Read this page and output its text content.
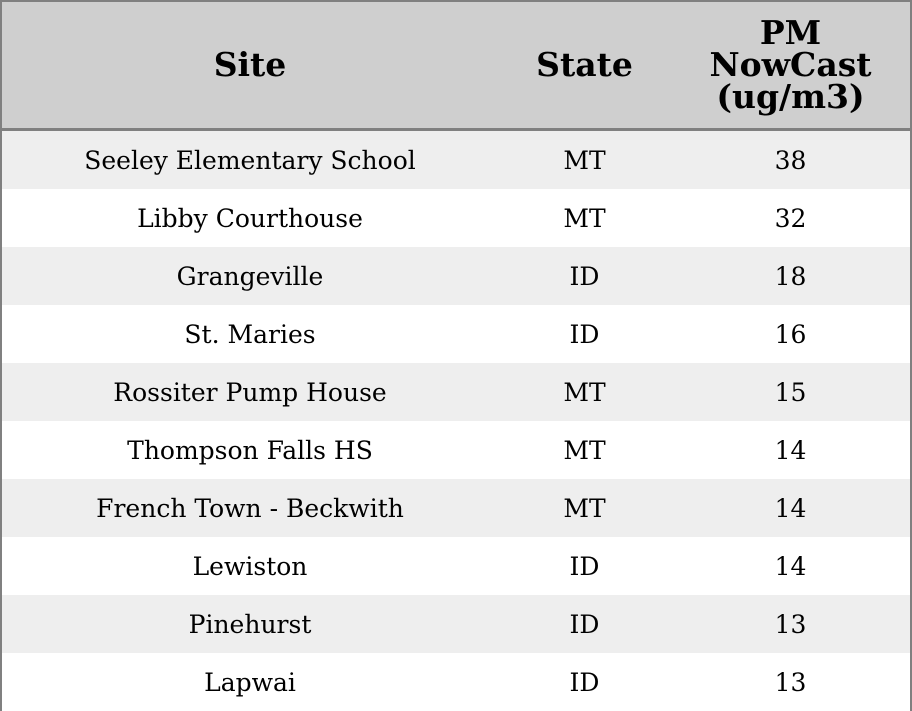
Site	State	PM
NowCast
(ug/m3)
Seeley Elementary School	MT	38
Libby Courthouse	MT	32
Grangeville	ID	18
St. Maries	ID	16
Rossiter Pump House	MT	15
Thompson Falls HS	MT	14
French Town - Beckwith	MT	14
Lewiston	ID	14
Pinehurst	ID	13
Lapwai	ID	13
